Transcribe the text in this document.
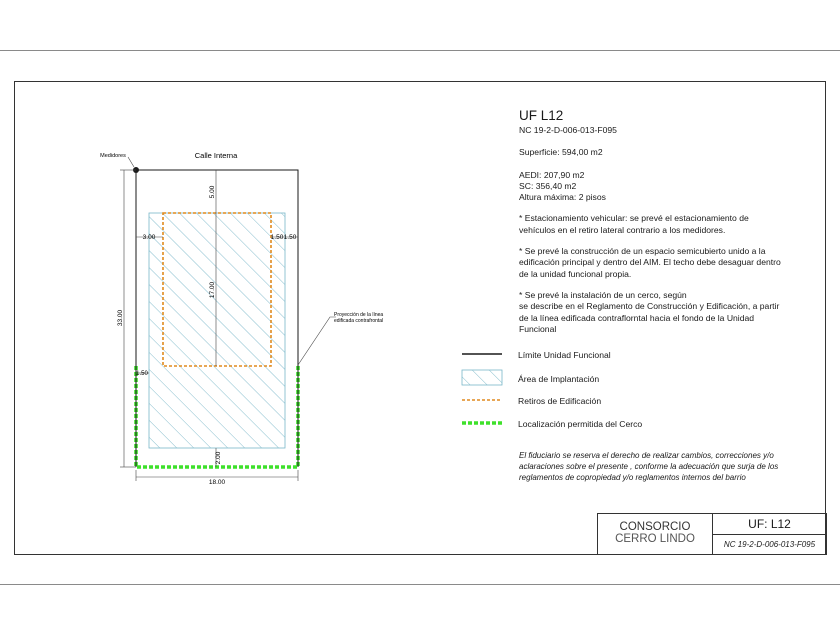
Calle Interna
Medidores
5.00
17.00
2.00
3.00	1.50 1.50
33.00
18.00
1.50
Proyección de la línea
edificada contrafrontal

UF L12

NC 19-2-D-006-013-F095

Superficie: 594,00 m2

AEDI: 207,90 m2

SC: 356,40 m2

Altura máxima: 2 pisos

* Estacionamiento vehicular: se prevé el estacionamiento de

vehículos en el retiro lateral contrario a los medidores.

* Se prevé la construcción de un espacio semicubierto unido a la

edificación principal y dentro del AIM. El techo debe desaguar dentro

de la unidad funcional propia.

* Se prevé la instalación de un cerco, según

se describe en el Reglamento de Construcción y Edificación, a partir

de la línea edificada contraflorntal hacia el fondo de la Unidad

Funcional

Límite Unidad Funcional
Área de Implantación
Retiros de Edificación
Localización permitida del Cerco
El fiduciario se reserva el derecho de realizar cambios, correcciones y/o
aclaraciones sobre el presente , conforme la adecuación que surja de los
reglamentos de copropiedad y/o reglamentos internos del barrio
CONSORCIO
CERRO LINDO
UF: L12
NC 19-2-D-006-013-F095
